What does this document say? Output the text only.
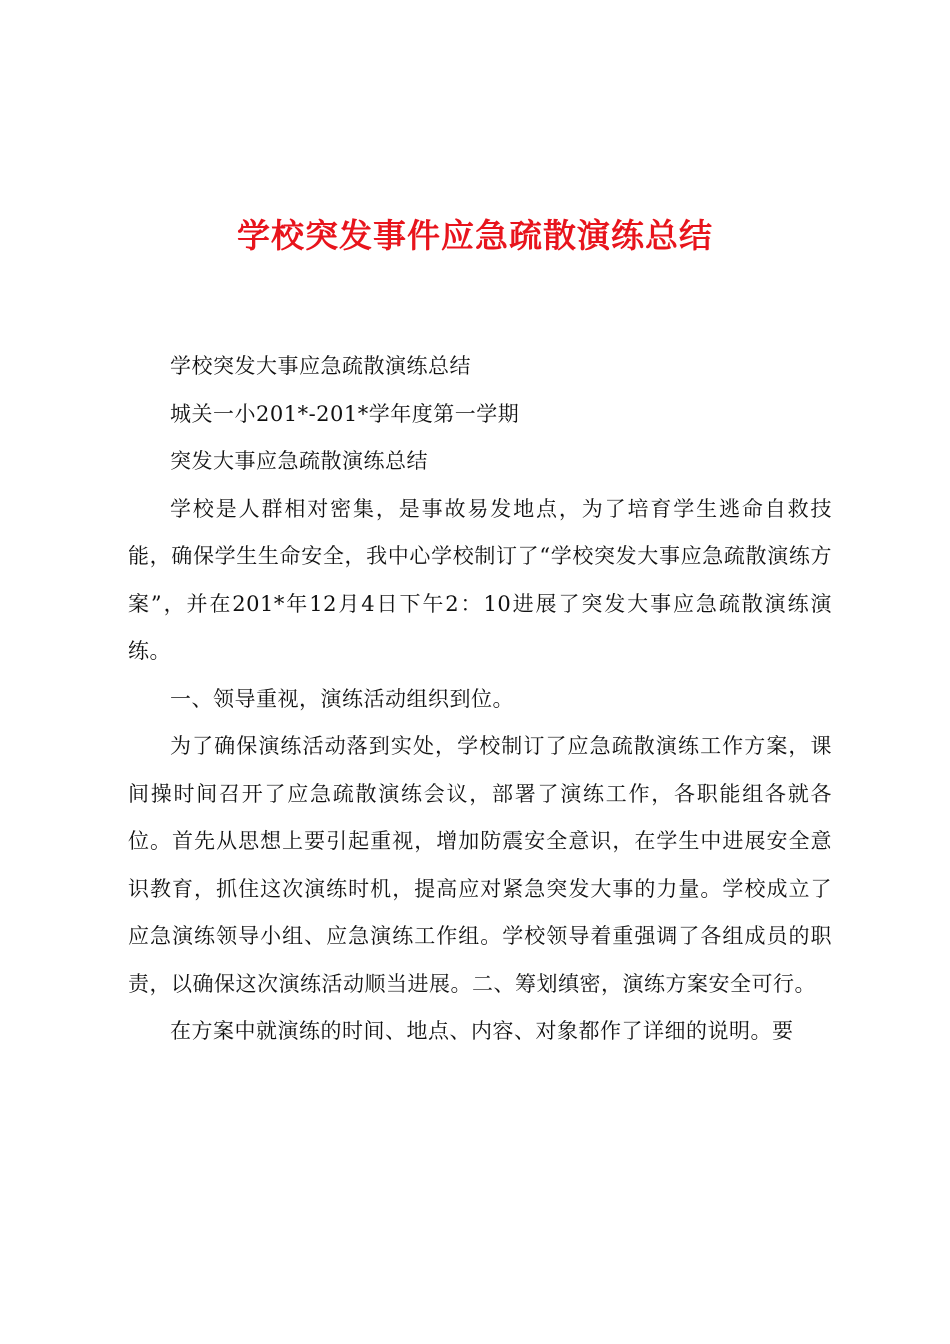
学校突发事件应急疏散演练总结

学校突发大事应急疏散演练总结

城关一小201*-201*学年度第一学期

突发大事应急疏散演练总结

学校是人群相对密集，是事故易发地点，为了培育学生逃命自救技能，确保学生生命安全，我中心学校制订了“学校突发大事应急疏散演练方案”，并在201*年12月4日下午2：10进展了突发大事应急疏散演练演练。

一、领导重视，演练活动组织到位。

为了确保演练活动落到实处，学校制订了应急疏散演练工作方案，课间操时间召开了应急疏散演练会议，部署了演练工作，各职能组各就各位。首先从思想上要引起重视，增加防震安全意识，在学生中进展安全意识教育，抓住这次演练时机，提高应对紧急突发大事的力量。学校成立了应急演练领导小组、应急演练工作组。学校领导着重强调了各组成员的职责，以确保这次演练活动顺当进展。二、筹划缜密，演练方案安全可行。

在方案中就演练的时间、地点、内容、对象都作了详细的说明。要
